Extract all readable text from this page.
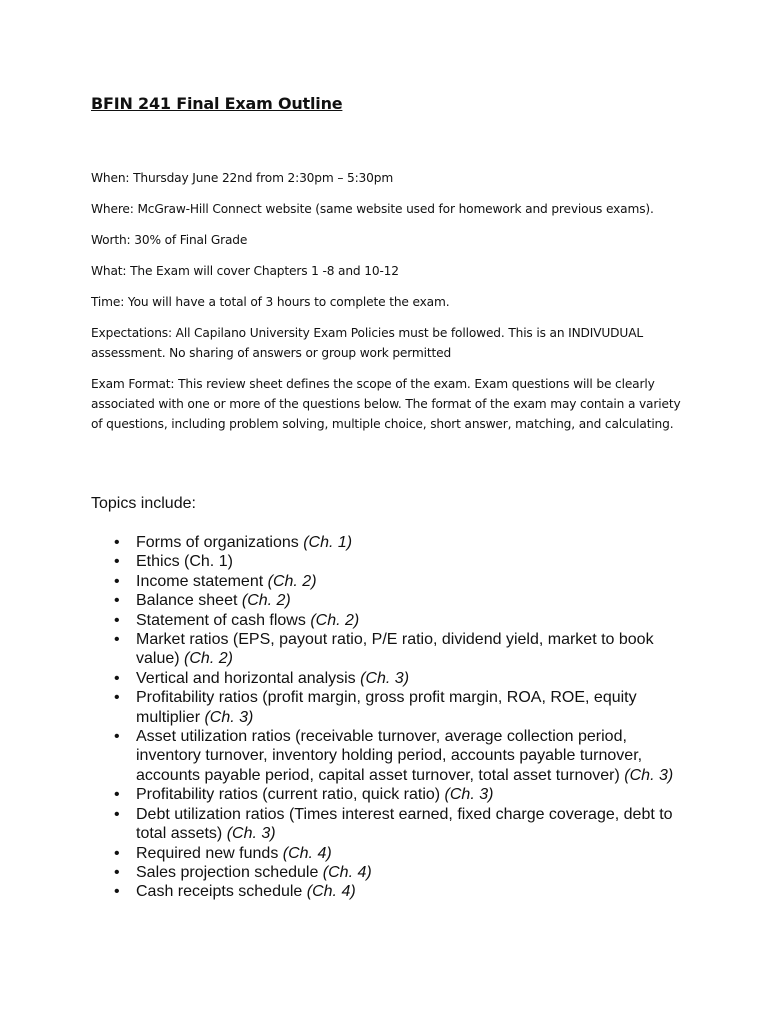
BFIN 241 Final Exam Outline

When: Thursday June 22nd from 2:30pm – 5:30pm

Where: McGraw-Hill Connect website (same website used for homework and previous exams).

Worth: 30% of Final Grade

What: The Exam will cover Chapters 1 -8 and 10-12

Time: You will have a total of 3 hours to complete the exam.

Expectations: All Capilano University Exam Policies must be followed. This is an INDIVUDUAL assessment. No sharing of answers or group work permitted

Exam Format: This review sheet defines the scope of the exam. Exam questions will be clearly associated with one or more of the questions below. The format of the exam may contain a variety of questions, including problem solving, multiple choice, short answer, matching, and calculating.

Topics include:
• Forms of organizations (Ch. 1)
• Ethics (Ch. 1)
• Income statement (Ch. 2)
• Balance sheet (Ch. 2)
• Statement of cash flows (Ch. 2)
• Market ratios (EPS, payout ratio, P/E ratio, dividend yield, market to book value) (Ch. 2)
• Vertical and horizontal analysis (Ch. 3)
• Profitability ratios (profit margin, gross profit margin, ROA, ROE, equity multiplier (Ch. 3)
• Asset utilization ratios (receivable turnover, average collection period, inventory turnover, inventory holding period, accounts payable turnover, accounts payable period, capital asset turnover, total asset turnover) (Ch. 3)
• Profitability ratios (current ratio, quick ratio) (Ch. 3)
• Debt utilization ratios (Times interest earned, fixed charge coverage, debt to total assets) (Ch. 3)
• Required new funds (Ch. 4)
• Sales projection schedule (Ch. 4)
• Cash receipts schedule (Ch. 4)
